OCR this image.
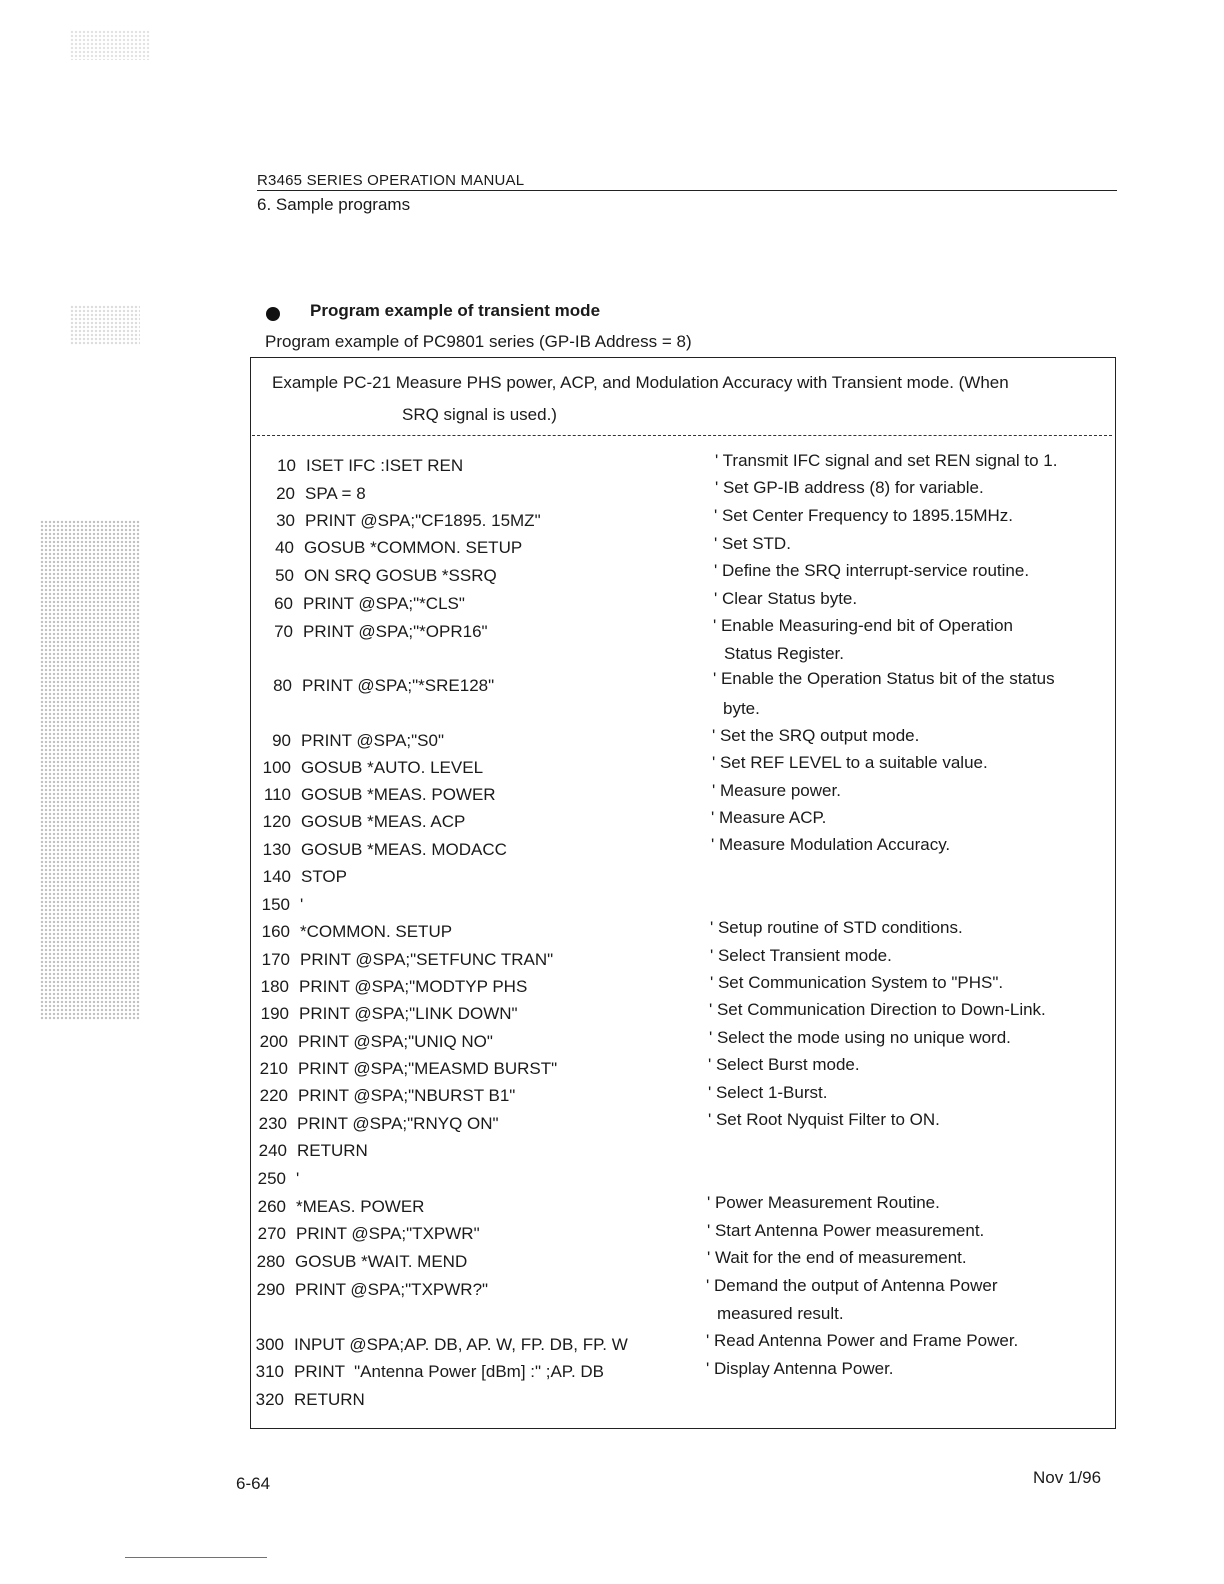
R3465 SERIES OPERATION MANUAL
6. Sample programs
Program example of transient mode
Program example of PC9801 series (GP-IB Address = 8)
Example PC-21 Measure PHS power, ACP, and Modulation Accuracy with Transient mode. (When
SRQ signal is used.)
10 ISET IFC :ISET REN
20 SPA = 8
30 PRINT @SPA;"CF1895. 15MZ"
40 GOSUB *COMMON. SETUP
50 ON SRQ GOSUB *SSRQ
60 PRINT @SPA;"*CLS"
70 PRINT @SPA;"*OPR16"
80 PRINT @SPA;"*SRE128"
90 PRINT @SPA;"S0"
100 GOSUB *AUTO. LEVEL
110 GOSUB *MEAS. POWER
120 GOSUB *MEAS. ACP
130 GOSUB *MEAS. MODACC
140 STOP
150 '
160 *COMMON. SETUP
170 PRINT @SPA;"SETFUNC TRAN"
180 PRINT @SPA;"MODTYP PHS
190 PRINT @SPA;"LINK DOWN"
200 PRINT @SPA;"UNIQ NO"
210 PRINT @SPA;"MEASMD BURST"
220 PRINT @SPA;"NBURST B1"
230 PRINT @SPA;"RNYQ ON"
240 RETURN
250 '
260 *MEAS. POWER
270 PRINT @SPA;"TXPWR"
280 GOSUB *WAIT. MEND
290 PRINT @SPA;"TXPWR?"
300 INPUT @SPA;AP. DB, AP. W, FP. DB, FP. W
310 PRINT  "Antenna Power [dBm] :" ;AP. DB
320 RETURN
' Transmit IFC signal and set REN signal to 1.
' Set GP-IB address (8) for variable.
' Set Center Frequency to 1895.15MHz.
' Set STD.
' Define the SRQ interrupt-service routine.
' Clear Status byte.
' Enable Measuring-end bit of Operation
Status Register.
' Enable the Operation Status bit of the status
byte.
' Set the SRQ output mode.
' Set REF LEVEL to a suitable value.
' Measure power.
' Measure ACP.
' Measure Modulation Accuracy.
' Setup routine of STD conditions.
' Select Transient mode.
' Set Communication System to "PHS".
' Set Communication Direction to Down-Link.
' Select the mode using no unique word.
' Select Burst mode.
' Select 1-Burst.
' Set Root Nyquist Filter to ON.
' Power Measurement Routine.
' Start Antenna Power measurement.
' Wait for the end of measurement.
' Demand the output of Antenna Power
measured result.
' Read Antenna Power and Frame Power.
' Display Antenna Power.
6-64	Nov 1/96
